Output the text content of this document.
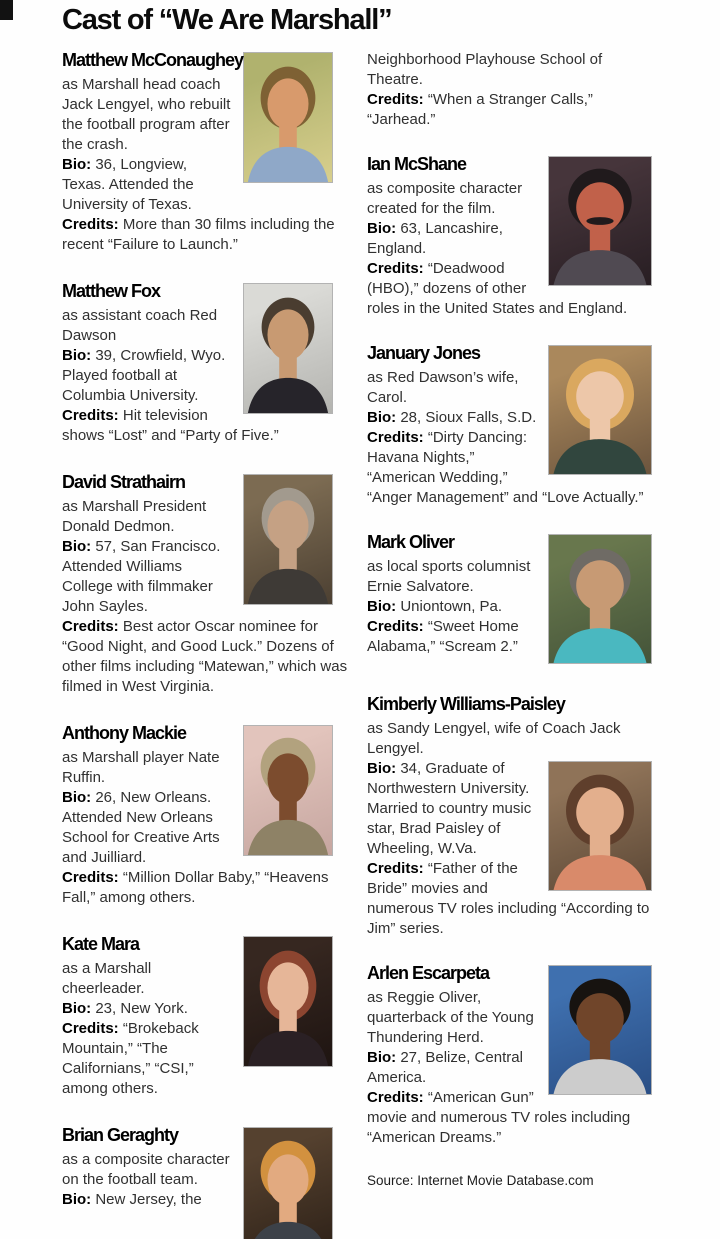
Cast of “We Are Marshall”
Matthew McConaughey

as Marshall head coach Jack Lengyel, who rebuilt the football program after the crash.

Bio: 36, Longview, Texas. Attended the University of Texas.

Credits: More than 30 films including the recent “Failure to Launch.”

Matthew Fox

as assistant coach Red Dawson

Bio: 39, Crowfield, Wyo. Played football at Columbia University.

Credits: Hit television shows “Lost” and “Party of Five.”

David Strathairn

as Marshall President Donald Dedmon.

Bio: 57, San Francisco. Attended Williams College with filmmaker John Sayles.

Credits: Best actor Oscar nominee for “Good Night, and Good Luck.” Dozens of other films including “Matewan,” which was filmed in West Virginia.

Anthony Mackie

as Marshall player Nate Ruffin.

Bio: 26, New Orleans. Attended New Orleans School for Creative Arts and Juilliard.

Credits: “Million Dollar Baby,” “Heavens Fall,” among others.

Kate Mara

as a Marshall cheerleader.

Bio: 23, New York.

Credits: “Brokeback Mountain,” “The Californians,” “CSI,” among others.

Brian Geraghty

as a composite character on the football team.

Bio: New Jersey, the

Neighborhood Playhouse School of Theatre.

Credits: “When a Stranger Calls,” “Jarhead.”

Ian McShane

as composite character created for the film.

Bio: 63, Lancashire, England.

Credits: “Deadwood (HBO),” dozens of other roles in the United States and England.

January Jones

as Red Dawson’s wife, Carol.

Bio: 28, Sioux Falls, S.D.

Credits: “Dirty Dancing: Havana Nights,” “American Wedding,” “Anger Management” and “Love Actually.”

Mark Oliver

as local sports columnist Ernie Salvatore.

Bio: Uniontown, Pa.

Credits: “Sweet Home Alabama,” “Scream 2.”

Kimberly Williams-Paisley

as Sandy Lengyel, wife of Coach Jack Lengyel.

Bio: 34, Graduate of Northwestern University. Married to country music star, Brad Paisley of Wheeling, W.Va.

Credits: “Father of the Bride” movies and numerous TV roles including “According to Jim” series.

Arlen Escarpeta

as Reggie Oliver, quarterback of the Young Thundering Herd.

Bio: 27, Belize, Central America.

Credits: “American Gun” movie and numerous TV roles including “American Dreams.”

Source: Internet Movie Database.com
